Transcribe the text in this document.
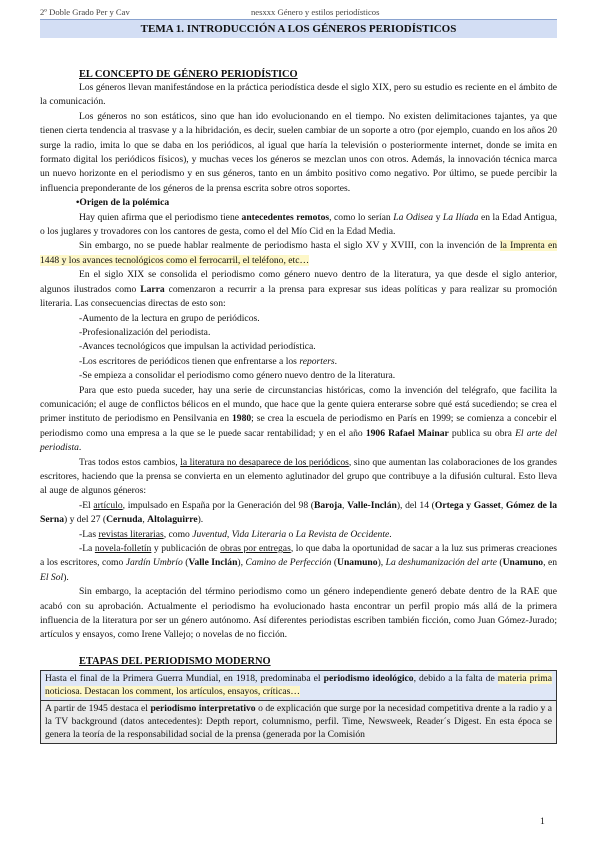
2º Doble Grado Per y Cav	nesxxx Género y estilos periodísticos
TEMA 1. INTRODUCCIÓN A LOS GÉNEROS PERIODÍSTICOS
EL CONCEPTO DE GÉNERO PERIODÍSTICO

Los géneros llevan manifestándose en la práctica periodística desde el siglo XIX, pero su estudio es reciente en el ámbito de la comunicación.

Los géneros no son estáticos, sino que han ido evolucionando en el tiempo. No existen delimitaciones tajantes, ya que tienen cierta tendencia al trasvase y a la hibridación, es decir, suelen cambiar de un soporte a otro (por ejemplo, cuando en los años 20 surge la radio, imita lo que se daba en los periódicos, al igual que haría la televisión o posteriormente internet, donde se imita en formato digital los periódicos físicos), y muchas veces los géneros se mezclan unos con otros. Además, la innovación técnica marca un nuevo horizonte en el periodismo y en sus géneros, tanto en un ámbito positivo como negativo. Por último, se puede percibir la influencia preponderante de los géneros de la prensa escrita sobre otros soportes.

•Origen de la polémica

Hay quien afirma que el periodismo tiene antecedentes remotos, como lo serían La Odisea y La Ilíada en la Edad Antigua, o los juglares y trovadores con los cantores de gesta, como el del Mío Cid en la Edad Media.

Sin embargo, no se puede hablar realmente de periodismo hasta el siglo XV y XVIII, con la invención de la Imprenta en 1448 y los avances tecnológicos como el ferrocarril, el teléfono, etc…

En el siglo XIX se consolida el periodismo como género nuevo dentro de la literatura, ya que desde el siglo anterior, algunos ilustrados como Larra comenzaron a recurrir a la prensa para expresar sus ideas políticas y para realizar su promoción literaria. Las consecuencias directas de esto son:

-Aumento de la lectura en grupo de periódicos.

-Profesionalización del periodista.

-Avances tecnológicos que impulsan la actividad periodística.

-Los escritores de periódicos tienen que enfrentarse a los reporters.

-Se empieza a consolidar el periodismo como género nuevo dentro de la literatura.

Para que esto pueda suceder, hay una serie de circunstancias históricas, como la invención del telégrafo, que facilita la comunicación; el auge de conflictos bélicos en el mundo, que hace que la gente quiera enterarse sobre qué está sucediendo; se crea el primer instituto de periodismo en Pensilvania en 1980; se crea la escuela de periodismo en París en 1999; se comienza a concebir el periodismo como una empresa a la que se le puede sacar rentabilidad; y en el año 1906 Rafael Mainar publica su obra El arte del periodista.

Tras todos estos cambios, la literatura no desaparece de los periódicos, sino que aumentan las colaboraciones de los grandes escritores, haciendo que la prensa se convierta en un elemento aglutinador del grupo que contribuye a la difusión cultural. Esto lleva al auge de algunos géneros:

-El artículo, impulsado en España por la Generación del 98 (Baroja, Valle-Inclán), del 14 (Ortega y Gasset, Gómez de la Serna) y del 27 (Cernuda, Altolaguirre).

-Las revistas literarias, como Juventud, Vida Literaria o La Revista de Occidente.

-La novela-folletín y publicación de obras por entregas, lo que daba la oportunidad de sacar a la luz sus primeras creaciones a los escritores, como Jardín Umbrío (Valle Inclán), Camino de Perfección (Unamuno), La deshumanización del arte (Unamuno, en El Sol).

Sin embargo, la aceptación del término periodismo como un género independiente generó debate dentro de la RAE que acabó con su aprobación. Actualmente el periodismo ha evolucionado hasta encontrar un perfil propio más allá de la primera influencia de la literatura por ser un género autónomo. Así diferentes periodistas escriben también ficción, como Juan Gómez-Jurado; artículos y ensayos, como Irene Vallejo; o novelas de no ficción.

ETAPAS DEL PERIODISMO MODERNO
Hasta el final de la Primera Guerra Mundial, en 1918, predominaba el periodismo ideológico, debido a la falta de materia prima noticiosa. Destacan los comment, los artículos, ensayos, críticas…
A partir de 1945 destaca el periodismo interpretativo o de explicación que surge por la necesidad competitiva drente a la radio y a la TV background (datos antecedentes): Depth report, columnismo, perfil. Time, Newsweek, Reader´s Digest. En esta época se genera la teoría de la responsabilidad social de la prensa (generada por la Comisión
1
